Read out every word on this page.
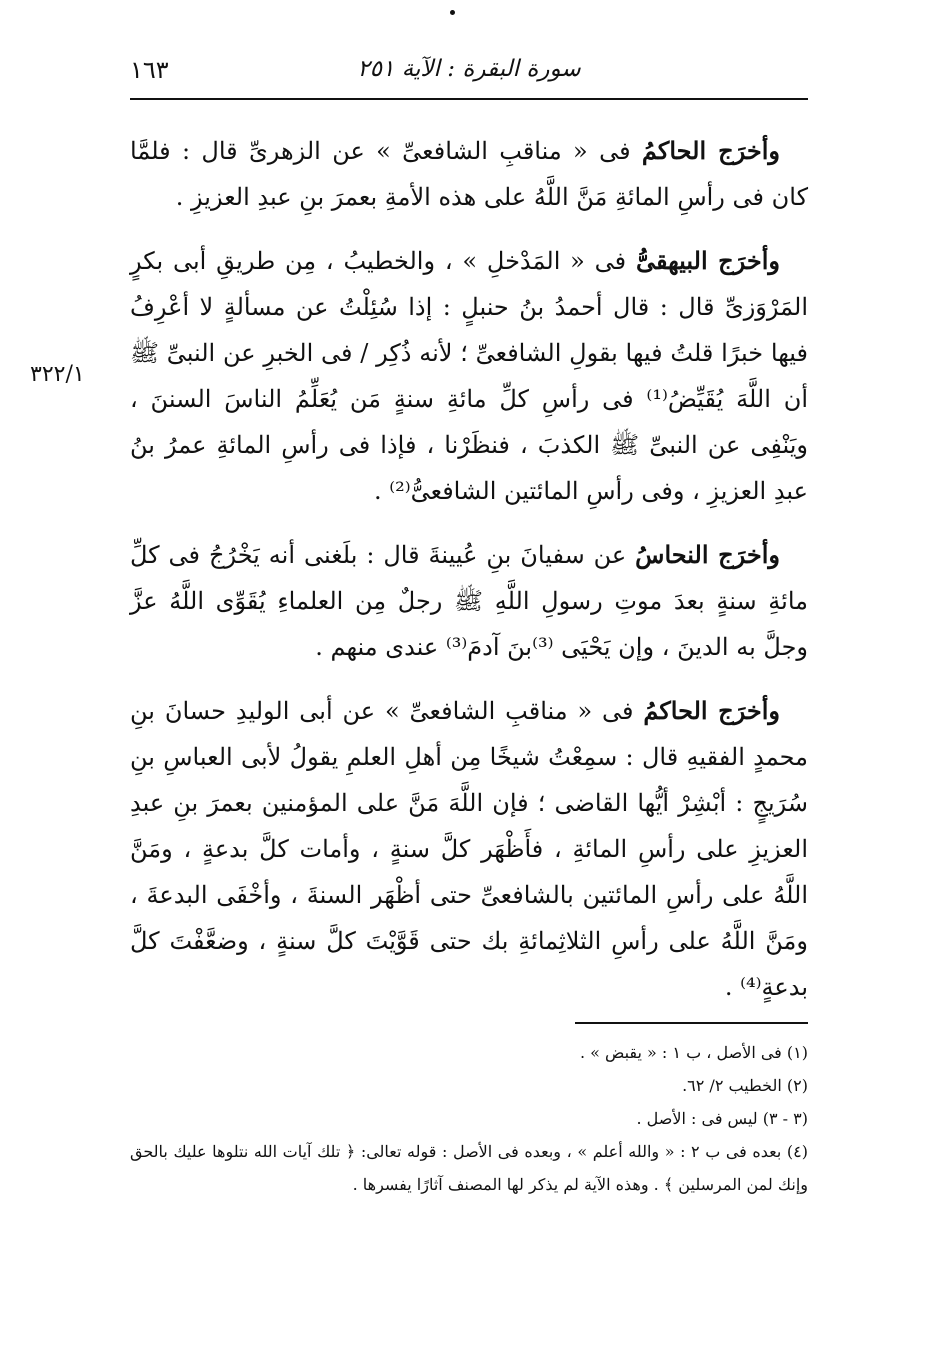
سورة البقرة : الآية ٢٥١
١٦٣
٣٢٢/١

وأخرَج الحاكمُ فى « مناقبِ الشافعىِّ » عن الزهرىِّ قال : فلمَّا كان فى رأسِ المائةِ مَنَّ اللَّهُ على هذه الأمةِ بعمرَ بنِ عبدِ العزيزِ .

وأخرَج البيهقىُّ فى « المَدْخلِ » ، والخطيبُ ، مِن طريقِ أبى بكرٍ المَرْوَزىِّ قال : قال أحمدُ بنُ حنبلٍ : إذا سُئِلْتُ عن مسألةٍ لا أعْرِفُ فيها خبرًا قلتُ فيها بقولِ الشافعىِّ ؛ لأنه ذُكِر / فى الخبرِ عن النبىِّ ﷺ أن اللَّهَ يُقَيِّضُ⁽¹⁾ فى رأسِ كلِّ مائةِ سنةٍ مَن يُعَلِّمُ الناسَ السننَ ، ويَنْفِى عن النبىِّ ﷺ الكذبَ ، فنظَرْنا ، فإذا فى رأسِ المائةِ عمرُ بنُ عبدِ العزيزِ ، وفى رأسِ المائتين الشافعىُّ⁽²⁾ .

وأخرَج النحاسُ عن سفيانَ بنِ عُيينةَ قال : بلَغنى أنه يَخْرُجُ فى كلِّ مائةِ سنةٍ بعدَ موتِ رسولِ اللَّهِ ﷺ رجلٌ مِن العلماءِ يُقَوِّى اللَّهُ عزَّ وجلَّ به الدينَ ، وإن يَحْيَى ⁽³⁾بنَ آدمَ⁽³⁾ عندى منهم .

وأخرَج الحاكمُ فى « مناقبِ الشافعىِّ » عن أبى الوليدِ حسانَ بنِ محمدٍ الفقيهِ قال : سمِعْتُ شيخًا مِن أهلِ العلمِ يقولُ لأبى العباسِ بنِ سُرَيجٍ : أبْشِرْ أيُّها القاضى ؛ فإن اللَّهَ مَنَّ على المؤمنين بعمرَ بنِ عبدِ العزيزِ على رأسِ المائةِ ، فأَظْهَر كلَّ سنةٍ ، وأمات كلَّ بدعةٍ ، ومَنَّ اللَّهُ على رأسِ المائتين بالشافعىِّ حتى أظْهَر السنةَ ، وأخْفَى البدعةَ ، ومَنَّ اللَّهُ على رأسِ الثلاثِمائةِ بك حتى قَوَّيْتَ كلَّ سنةٍ ، وضعَّفْتَ كلَّ بدعةٍ⁽⁴⁾ .

(١) فى الأصل ، ب ١ : « يقبض » .

(٢) الخطيب ٢/ ٦٢.

(٣ - ٣) ليس فى : الأصل .

(٤) بعده فى ب ٢ : « والله أعلم » ، وبعده فى الأصل : قوله تعالى: ﴿ تلك آيات الله نتلوها عليك بالحق وإنك لمن المرسلين ﴾ . وهذه الآية لم يذكر لها المصنف آثارًا يفسرها .
